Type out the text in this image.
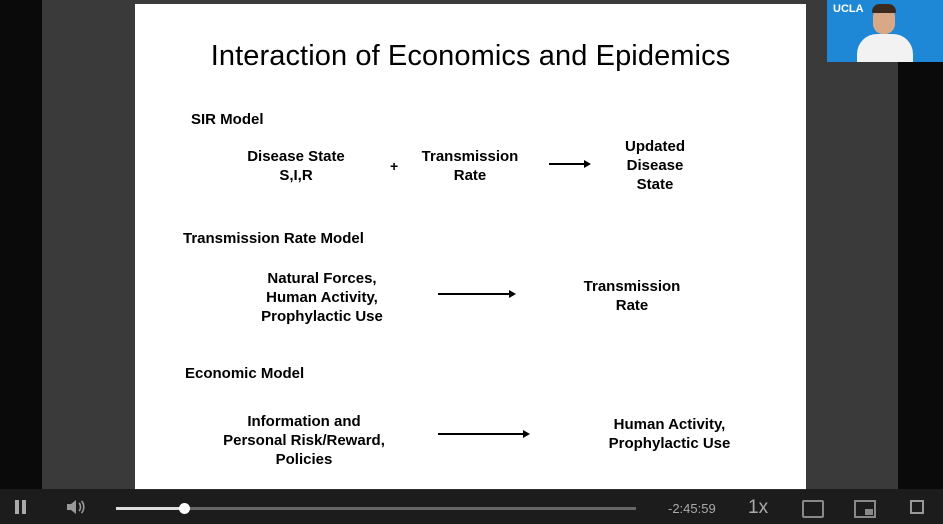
Interaction of Economics and Epidemics
SIR Model
Disease State
S,I,R
+
Transmission
Rate
Updated
Disease
State
Transmission Rate Model
Natural Forces,
Human Activity,
Prophylactic Use
Transmission
Rate
Economic Model
Information and
Personal Risk/Reward,
Policies
Human Activity,
Prophylactic Use
UCLA
-2:45:59 1x
